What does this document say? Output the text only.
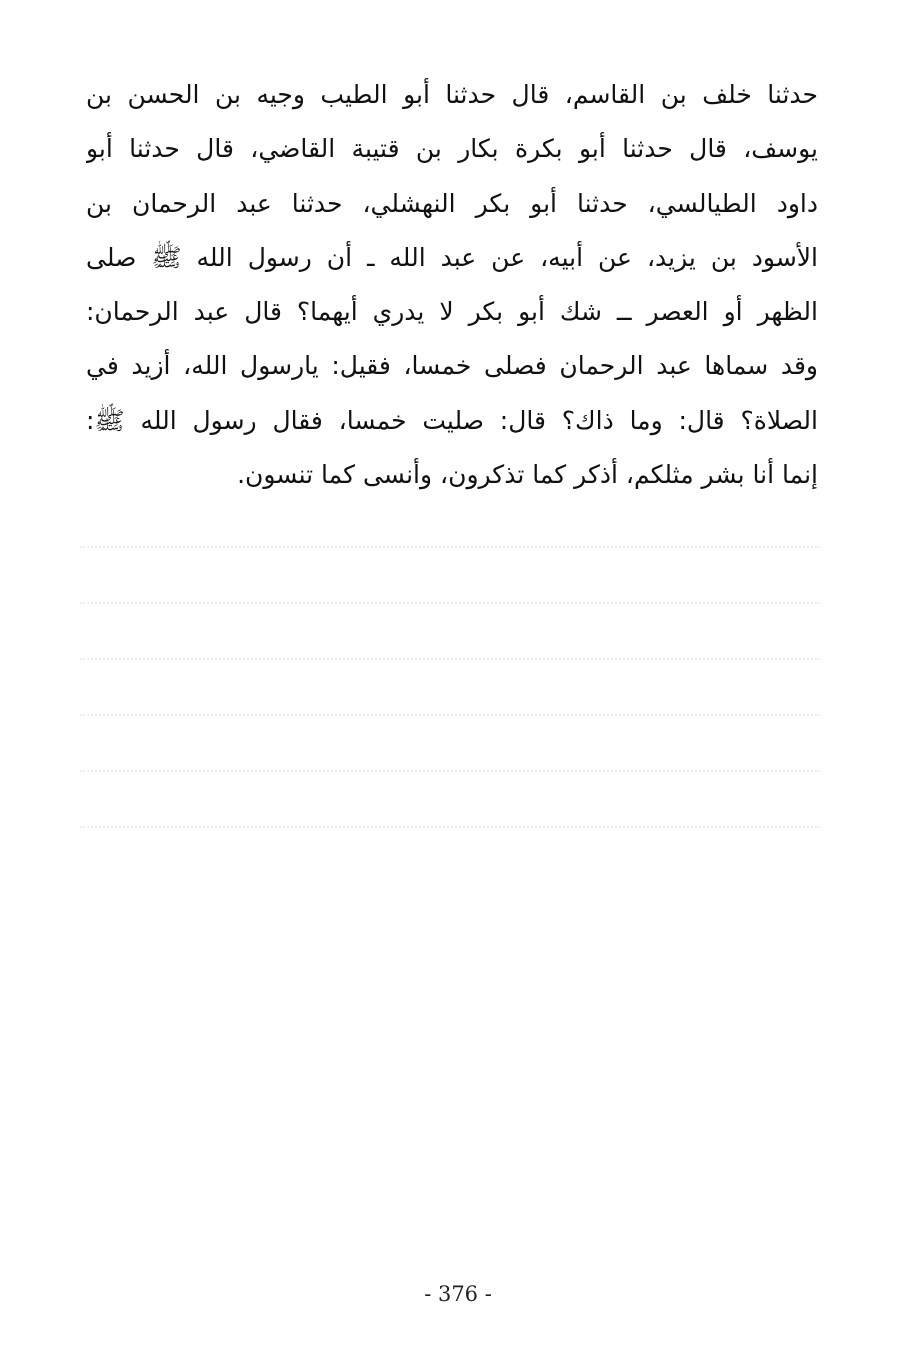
حدثنا خلف بن القاسم، قال حدثنا أبو الطيب وجيه بن الحسن بن
يوسف، قال حدثنا أبو بكرة بكار بن قتيبة القاضي، قال حدثنا أبو
داود الطيالسي، حدثنا أبو بكر النهشلي، حدثنا عبد الرحمان بن
الأسود بن يزيد، عن أبيه، عن عبد الله ـ أن رسول الله ﷺ صلى
الظهر أو العصر ــ شك أبو بكر لا يدري أيهما؟ قال عبد الرحمان:
وقد سماها عبد الرحمان فصلى خمسا، فقيل: يارسول الله، أزيد في
الصلاة؟ قال: وما ذاك؟ قال: صليت خمسا، فقال رسول الله ﷺ:
إنما أنا بشر مثلكم، أذكر كما تذكرون، وأنسى كما تنسون.
- 376 -
